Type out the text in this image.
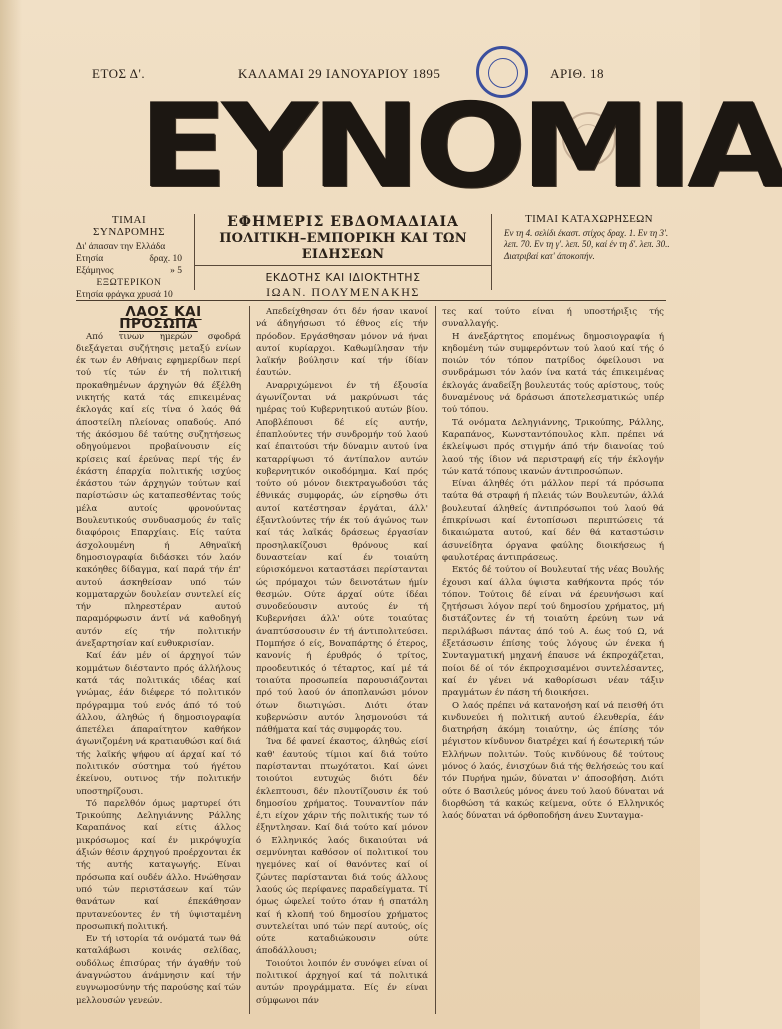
ΕΤΟΣ Δ'.	ΚΑΛΑΜΑΙ 29 ΙΑΝΟΥΑΡΙΟΥ 1895	ΑΡΙΘ. 18
ΕΥΝΟΜΙΑ
ΤΙΜΑΙ ΣΥΝΔΡΟΜΗΣ
Δι' άπασαν την Ελλάδα
Ετησία	δραχ. 10
Εξάμηνος	» 5
ΕΞΩΤΕΡΙΚΟΝ
Ετησία φράγκα χρυσά 10
ΕΦΗΜΕΡΙΣ ΕΒΔΟΜΑΔΙΑΙΑ
ΠΟΛΙΤΙΚΗ–ΕΜΠΟΡΙΚΗ ΚΑΙ ΤΩΝ ΕΙΔΗΣΕΩΝ
ΕΚΔΟΤΗΣ ΚΑΙ ΙΔΙΟΚΤΗΤΗΣ
ΙΩΑΝ. ΠΟΛΥΜΕΝΑΚΗΣ
ΤΙΜΑΙ ΚΑΤΑΧΩΡΗΣΕΩΝ
Εν τη 4. σελίδι έκαστ. στίχος δραχ. 1. Εν τη 3'. λεπ. 70. Εν τη γ'. λεπ. 50, καί έν τη δ'. λεπ. 30.. Διατριβαί κατ' άποκοπήν.

ΛΑΟΣ ΚΑΙ ΠΡΟΣΩΠΑ

Από τινων ημερών σφοδρά διεξάγεται συζήτησις μεταξύ ενίων έκ των έν Αθήναις εφημερίδων περί τού τίς τών έν τή πολιτική προκαθημένων άρχηγών θά έξέλθη νικητής κατά τάς επικειμένας έκλογάς καί είς τίνα ό λαός θά άποστείλη πλείονας οπαδούς. Από τής άκόσμου δέ ταύτης συζητήσεως οδηγούμενοι προβαίνουσιν είς κρίσεις καί έρεύνας περί τής έν έκάστη έπαρχία πολιτικής ισχύος έκάστου τών άρχηγών τούτων καί παρίστώσιν ώς καταπεσθέντας τούς μέλα αυτοίς φρονούντας Βουλευτικούς συνδυασμούς έν ταϊς διαφόροις Επαρχίαις. Είς ταύτα άσχολουμένη ή Αθηναϊκή δημοσιογραφία διδάσκει τόν λαόν κακόηθες δίδαγμα, καί παρά τήν έπ' αυτού άσκηθείσαν υπό τών κομματαρχών δουλείαν συντελεί είς τήν πληρεστέραν αυτού παραμόρφωσιν άντί νά καθοδηγή αυτόν είς τήν πολιτικήν άνεξαρτησίαν καί ευθυκρισίαν.

Καί έάν μέν οί άρχηγοί τών κομμάτων διέσταντο πρός άλλήλους κατά τάς πολιτικάς ιδέας καί γνώμας, έάν διέφερε τό πολιτικόν πρόγραμμα τού ενός άπό τό τού άλλου, άληθώς ή δημοσιογραφία άπετέλει άπαραίτητον καθήκον άγωνιζομένη νά κρατιαυθώσι καί διά τής λαϊκής ψήφου αί άρχαί καί τό πολιτικόν σύστημα τού ήγέτου έκείνου, ουτινος τήν πολιτικήν υποστηρίζουσι.

Τό παρελθόν όμως μαρτυρεί ότι Τρικούπης Δεληγιάννης Ράλλης Καραπάνος καί είτις άλλος μικρόσωμος καί έν μικρόψυχία άξιών θέσιν άρχηγού προέρχονται έκ τής αυτής καταγωγής. Είναι πρόσωπα καί ουδέν άλλο. Ηνώθησαν υπό τών περιστάσεων καί τών θανάτων καί έπεκάθησαν πρυτανεύοντες έν τή ύψισταμένη προσωπική πολιτική.

Εν τή ιστορία τά ονόματά των θά καταλάβωσι κοινάς σελίδας, ουδόλως έπισύρας τήν άγαθήν τού άναγνώστου άνάμνησιν καί τήν ευγνωμοσύνην τής παρούσης καί τών μελλουσών γενεών.

Απεδείχθησαν ότι δέν ήσαν ικανοί νά άδηγήσωσι τό έθνος είς τήν πρόοδον. Εργάσθησαν μόνον νά ήναι αυτοί κυρίαρχοι. Καθωμίλησαν τήν λαϊκήν βούλησιν καί τήν ίδίαν έαυτών.

Αναρριχώμενοι έν τή έξουσία άγωνίζονται νά μακρύνωσι τάς ημέρας τού Κυβερνητικού αυτών βίου. Αποβλέπουσι δέ είς αυτήν, έπαπλούντες τήν συνδρομήν τού λαού καί έπαιτούσι τήν δύναμιν αυτού ίνα καταρρίψωσι τό άντίπαλον αυτών κυβερνητικόν οικοδόμημα. Καί πρός τούτο ού μόνον διεκτραγωδούσι τάς έθνικάς συμφοράς, ών είρησθω ότι αυτοί κατέστησαν έργάται, άλλ' έξαντλούντες τήν έκ τού άγώνος των καί τάς λαϊκάς δράσεως έργασίαν προσηλακίζουσι θρόνους καί δυναστείαν καί έν τοιαύτη εύρισκόμενοι καταστάσει περίστανται ώς πρόμαχοι τών δεινοτάτων ήμίν θεσμών. Ούτε άρχαί ούτε ίδέαι συνοδεύουσιν αυτούς έν τή Κυβερνήσει άλλ' ούτε τοιαύτας άναπτύσσουσιν έν τή άντιπολιτεύσει. Πομπήσε ό είς, Βοναπάρτης ό έτερος, κανονίς ή έρυθρός ό τρίτος, προοδευτικός ό τέταρτος, καί μέ τά τοιαύτα προσωπεία παρουσιάζονται πρό τού λαού όν άποπλανώσι μόνον ότων διωτιγώσι. Διότι όταν κυβερνώσιν αυτόν λησμονούσι τά πάθήματα καί τάς συμφοράς του.

Ίνα δέ φανεί έκαστος, άληθώς είσί καθ' έαυτούς τίμιοι καί διά τούτο παρίστανται πτωχότατοι. Καί ώνει τοιούτοι ευτυχώς διότι δέν έκλεπτουσι, δέν πλουτίζουσιν έκ τού δημοσίου χρήματος. Τουναντίον πάν έ,τι είχον χάριν τής πολιτικής των τό έξηντλησαν. Καί διά τούτο καί μόνον ό Ελληνικός λαός δικαιούται νά σεμνύνηται καθόσον οί πολιτικοί του ηγεμόνες καί οί θανόντες καί οί ζώντες παρίστανται διά τούς άλλους λαούς ώς περίφανες παραδείγματα. Τί όμως ώφελεί τούτο όταν ή σπατάλη καί ή κλοπή τού δημοσίου χρήματος συντελείται υπό τών περί αυτούς, οίς ούτε καταδιώκουσιν ούτε άποδάλλουσι;

Τοιούτοι λοιπόν έν συνόψει είναι οί πολιτικοί άρχηγοί καί τά πολιτικά αυτών προγράμματα. Είς έν είναι σύμφωνοι πάν

τες καί τούτο είναι ή υποστήριξις τής συναλλαγής.

Η άνεξάρτητος επομένως δημοσιογραφία ή κηδομένη τών συμφερόντων τού λαού καί τής ό ποιών τόν τόπον πατρίδος όφείλουσι να συνδράμωσι τόν λαόν ίνα κατά τάς έπικειμένας έκλογάς άναδείξη βουλευτάς τούς αρίστους, τούς δυναμένους νά δράσωσι άποτελεσματικώς υπέρ τού τόπου.

Τά ονόματα Δεληγιάννης, Τρικούπης, Ράλλης, Καραπάνος, Κωνσταντόπουλος κλπ. πρέπει νά έκλείψωσι πρός στιγμήν άπό τήν διανοίας τού λαού τής ίδιον νά περιστραφή είς τήν έκλογήν τών κατά τόπους ικανών άντιπροσώπων.

Είναι άληθές ότι μάλλον περί τά πρόσωπα ταύτα θά στραφή ή πλειάς τών Βουλευτών, άλλά βουλευταί άληθείς άντιπρόσωποι τού λαού θά έπικρίνωσι καί έντοπίσωσι περιπτώσεις τά δικαιώματα αυτού, καί δέν θά καταστώσιν άσυνείδητα όργανα φαύλης διοικήσεως ή φαυλοτέρας άντιπράσεως.

Εκτός δέ τούτου οί Βουλευταί τής νέας Βουλής έχουσι καί άλλα ύψιστα καθήκοντα πρός τόν τόπον. Τούτοις δέ είναι νά έρευνήσωσι καί ζητήσωσι λόγον περί τού δημοσίου χρήματος, μή διστάζοντες έν τή τοιαύτη έρεύνη των νά περιλάβωσι πάντας άπό τού Α. έως τού Ω, νά έξετάσωσιν έπίσης τούς λόγους ών ένεκα ή Συνταγματική μηχανή έπαυσε νά έκπροχάζεται, ποίοι δέ οί τόν έκπροχισαμένοι συντελέσαντες, καί έν γένει νά καθορίσωσι νέαν τάξιν πραγμάτων έν πάση τή διοικήσει.

Ο λαός πρέπει νά κατανοήση καί νά πεισθή ότι κινδυνεύει ή πολιτική αυτού έλευθερία, έάν διατηρήση άκόμη τοιαύτην, ώς έπίσης τόν μέγιστον κίνδυνον διατρέχει καί ή έσωτερική τών Ελλήνων πολιτών. Τούς κινδύνους δέ τούτους μόνος ό λαός, ένισχύων διά τής θελήσεώς του καί τόν Πυρήνα ημών, δύναται ν' άποσοβήση. Διότι ούτε ό Βασιλεύς μόνος άνευ τού λαού δύναται νά διορθώση τά κακώς κείμενα, ούτε ό Ελληνικός λαός δύναται νά όρθοποδήση άνευ Συνταγμα-
